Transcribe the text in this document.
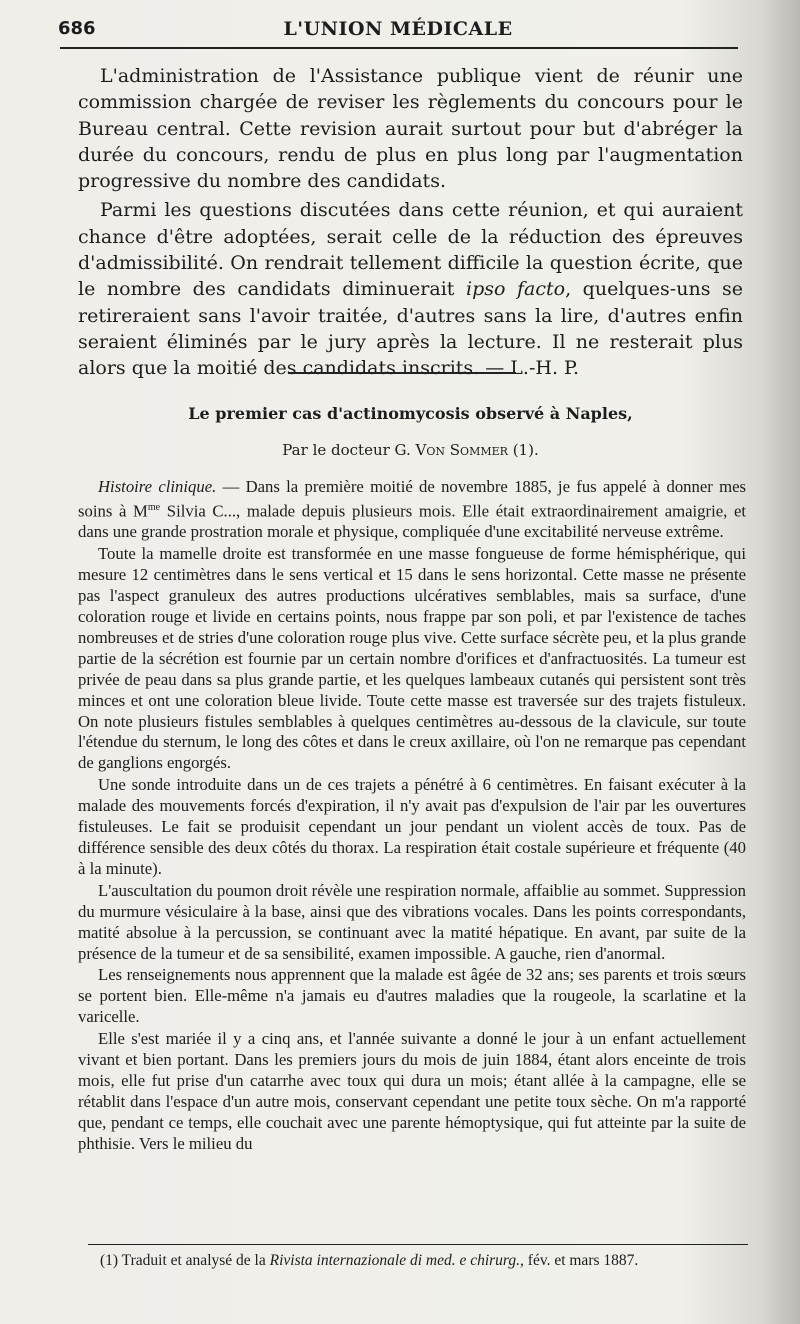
686	L'UNION MÉDICALE

L'administration de l'Assistance publique vient de réunir une commission chargée de reviser les règlements du concours pour le Bureau central. Cette revision aurait surtout pour but d'abréger la durée du concours, rendu de plus en plus long par l'augmentation progressive du nombre des candidats.

Parmi les questions discutées dans cette réunion, et qui auraient chance d'être adoptées, serait celle de la réduction des épreuves d'admissibilité. On rendrait tellement difficile la question écrite, que le nombre des candidats diminuerait ipso facto, quelques-uns se retireraient sans l'avoir traitée, d'autres sans la lire, d'autres enfin seraient éliminés par le jury après la lecture. Il ne resterait plus alors que la moitié des candidats inscrits. — L.-H. P.

Le premier cas d'actinomycosis observé à Naples,
Par le docteur G. Von Sommer (1).

Histoire clinique. — Dans la première moitié de novembre 1885, je fus appelé à donner mes soins à $M^{me}$ Silvia C..., malade depuis plusieurs mois. Elle était extraordinairement amaigrie, et dans une grande prostration morale et physique, compliquée d'une excitabilité nerveuse extrême.

Toute la mamelle droite est transformée en une masse fongueuse de forme hémisphérique, qui mesure 12 centimètres dans le sens vertical et 15 dans le sens horizontal. Cette masse ne présente pas l'aspect granuleux des autres productions ulcératives semblables, mais sa surface, d'une coloration rouge et livide en certains points, nous frappe par son poli, et par l'existence de taches nombreuses et de stries d'une coloration rouge plus vive. Cette surface sécrète peu, et la plus grande partie de la sécrétion est fournie par un certain nombre d'orifices et d'anfractuosités. La tumeur est privée de peau dans sa plus grande partie, et les quelques lambeaux cutanés qui persistent sont très minces et ont une coloration bleue livide. Toute cette masse est traversée sur des trajets fistuleux. On note plusieurs fistules semblables à quelques centimètres au-dessous de la clavicule, sur toute l'étendue du sternum, le long des côtes et dans le creux axillaire, où l'on ne remarque pas cependant de ganglions engorgés.

Une sonde introduite dans un de ces trajets a pénétré à 6 centimètres. En faisant exécuter à la malade des mouvements forcés d'expiration, il n'y avait pas d'expulsion de l'air par les ouvertures fistuleuses. Le fait se produisit cependant un jour pendant un violent accès de toux. Pas de différence sensible des deux côtés du thorax. La respiration était costale supérieure et fréquente (40 à la minute).

L'auscultation du poumon droit révèle une respiration normale, affaiblie au sommet. Suppression du murmure vésiculaire à la base, ainsi que des vibrations vocales. Dans les points correspondants, matité absolue à la percussion, se continuant avec la matité hépatique. En avant, par suite de la présence de la tumeur et de sa sensibilité, examen impossible. A gauche, rien d'anormal.

Les renseignements nous apprennent que la malade est âgée de 32 ans; ses parents et trois sœurs se portent bien. Elle-même n'a jamais eu d'autres maladies que la rougeole, la scarlatine et la varicelle.

Elle s'est mariée il y a cinq ans, et l'année suivante a donné le jour à un enfant actuellement vivant et bien portant. Dans les premiers jours du mois de juin 1884, étant alors enceinte de trois mois, elle fut prise d'un catarrhe avec toux qui dura un mois; étant allée à la campagne, elle se rétablit dans l'espace d'un autre mois, conservant cependant une petite toux sèche. On m'a rapporté que, pendant ce temps, elle couchait avec une parente hémoptysique, qui fut atteinte par la suite de phthisie. Vers le milieu du

(1) Traduit et analysé de la Rivista internazionale di med. e chirurg., fév. et mars 1887.
